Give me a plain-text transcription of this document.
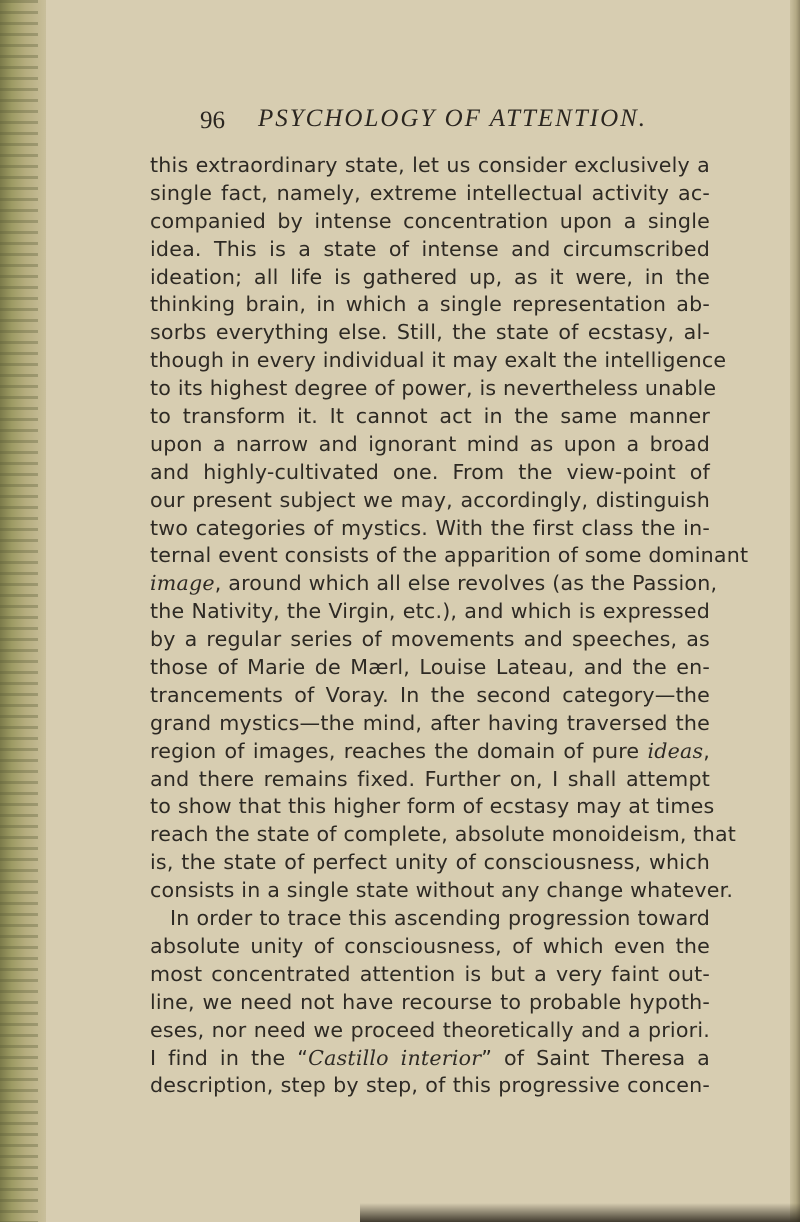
96 PSYCHOLOGY OF ATTENTION.
this extraordinary state, let us consider exclusively a
single fact, namely, extreme intellectual activity ac-
companied by intense concentration upon a single
idea. This is a state of intense and circumscribed
ideation; all life is gathered up, as it were, in the
thinking brain, in which a single representation ab-
sorbs everything else. Still, the state of ecstasy, al-
though in every individual it may exalt the intelligence
to its highest degree of power, is nevertheless unable
to transform it. It cannot act in the same manner
upon a narrow and ignorant mind as upon a broad
and highly-cultivated one. From the view-point of
our present subject we may, accordingly, distinguish
two categories of mystics. With the first class the in-
ternal event consists of the apparition of some dominant
image, around which all else revolves (as the Passion,
the Nativity, the Virgin, etc.), and which is expressed
by a regular series of movements and speeches, as
those of Marie de Mærl, Louise Lateau, and the en-
trancements of Voray. In the second category—the
grand mystics—the mind, after having traversed the
region of images, reaches the domain of pure ideas,
and there remains fixed. Further on, I shall attempt
to show that this higher form of ecstasy may at times
reach the state of complete, absolute monoideism, that
is, the state of perfect unity of consciousness, which
consists in a single state without any change whatever.
In order to trace this ascending progression toward
absolute unity of consciousness, of which even the
most concentrated attention is but a very faint out-
line, we need not have recourse to probable hypoth-
eses, nor need we proceed theoretically and a priori.
I find in the “Castillo interior” of Saint Theresa a
description, step by step, of this progressive concen-
